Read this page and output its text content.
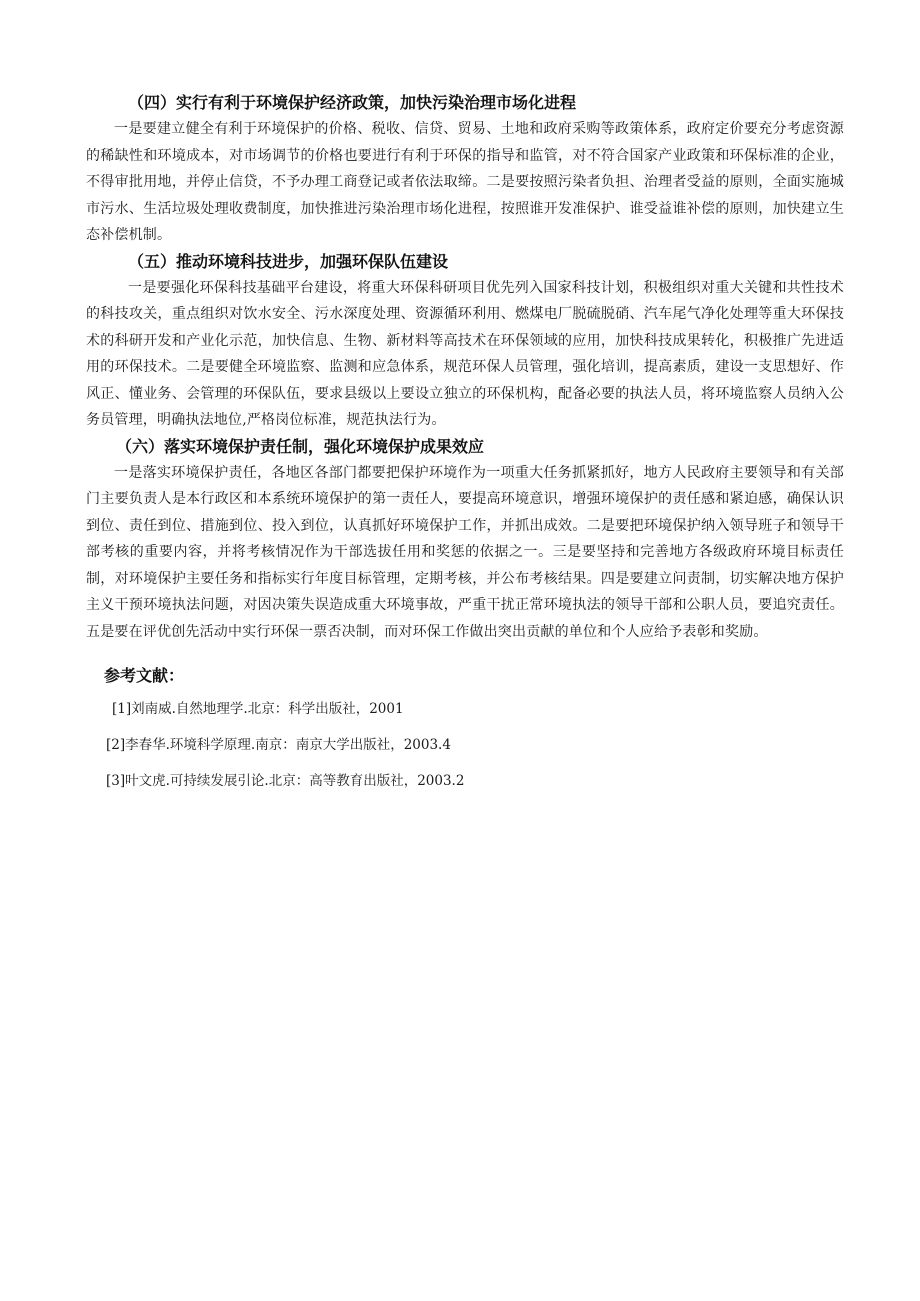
（四）实行有利于环境保护经济政策，加快污染治理市场化进程

一是要建立健全有利于环境保护的价格、税收、信贷、贸易、土地和政府采购等政策体系，政府定价要充分考虑资源的稀缺性和环境成本，对市场调节的价格也要进行有利于环保的指导和监管，对不符合国家产业政策和环保标准的企业，不得审批用地，并停止信贷，不予办理工商登记或者依法取缔。二是要按照污染者负担、治理者受益的原则，全面实施城市污水、生活垃圾处理收费制度，加快推进污染治理市场化进程，按照谁开发准保护、谁受益谁补偿的原则，加快建立生态补偿机制。

（五）推动环境科技进步，加强环保队伍建设

一是要强化环保科技基础平台建设，将重大环保科研项目优先列入国家科技计划，积极组织对重大关键和共性技术的科技攻关，重点组织对饮水安全、污水深度处理、资源循环利用、燃煤电厂脱硫脱硝、汽车尾气净化处理等重大环保技术的科研开发和产业化示范，加快信息、生物、新材料等高技术在环保领域的应用，加快科技成果转化，积极推广先进适用的环保技术。二是要健全环境监察、监测和应急体系，规范环保人员管理，强化培训，提高素质，建设一支思想好、作风正、懂业务、会管理的环保队伍，要求县级以上要设立独立的环保机构，配备必要的执法人员，将环境监察人员纳入公务员管理，明确执法地位,严格岗位标准，规范执法行为。

（六）落实环境保护责任制，强化环境保护成果效应

一是落实环境保护责任，各地区各部门都要把保护环境作为一项重大任务抓紧抓好，地方人民政府主要领导和有关部门主要负责人是本行政区和本系统环境保护的第一责任人，要提高环境意识，增强环境保护的责任感和紧迫感，确保认识到位、责任到位、措施到位、投入到位，认真抓好环境保护工作，并抓出成效。二是要把环境保护纳入领导班子和领导干部考核的重要内容，并将考核情况作为干部选拔任用和奖惩的依据之一。三是要坚持和完善地方各级政府环境目标责任制，对环境保护主要任务和指标实行年度目标管理，定期考核，并公布考核结果。四是要建立问责制，切实解决地方保护主义干预环境执法问题，对因决策失误造成重大环境事故，严重干扰正常环境执法的领导干部和公职人员，要追究责任。五是要在评优创先活动中实行环保一票否决制，而对环保工作做出突出贡献的单位和个人应给予表彰和奖励。

参考文献：

[1]刘南威.自然地理学.北京：科学出版社，2001

[2]李春华.环境科学原理.南京：南京大学出版社，2003.4

[3]叶文虎.可持续发展引论.北京：高等教育出版社，2003.2
